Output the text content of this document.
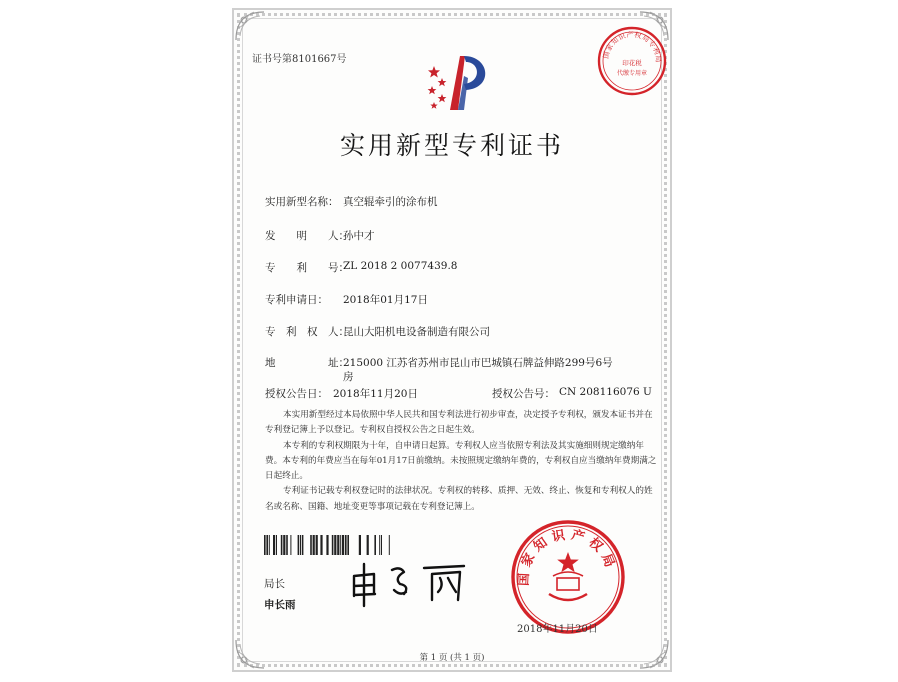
证书号第8101667号	国家知识产权局专利局
印花税
代缴专用章
实用新型专利证书
实用新型名称： 真空辊牵引的涂布机
发　　明　　人：
孙中才
专　　利　　号：
ZL 2018 2 0077439.8
专利申请日： 2018年01月17日
专　利　权　人：
昆山大阳机电设备制造有限公司
地　　　　　址：
215000 江苏省苏州市昆山市巴城镇石牌益伸路299号6号
房
授权公告日： 2018年11月20日	授权公告号： CN 208116076 U

本实用新型经过本局依照中华人民共和国专利法进行初步审查，决定授予专利权，颁发本证书并在专利登记簿上予以登记。专利权自授权公告之日起生效。

本专利的专利权期限为十年，自申请日起算。专利权人应当依照专利法及其实施细则规定缴纳年费。本专利的年费应当在每年01月17日前缴纳。未按照规定缴纳年费的，专利权自应当缴纳年费期满之日起终止。

专利证书记载专利权登记时的法律状况。专利权的转移、质押、无效、终止、恢复和专利权人的姓名或名称、国籍、地址变更等事项记载在专利登记簿上。

局长
申长雨
国家知识产权局
2018年11月20日
第 1 页 (共 1 页)
